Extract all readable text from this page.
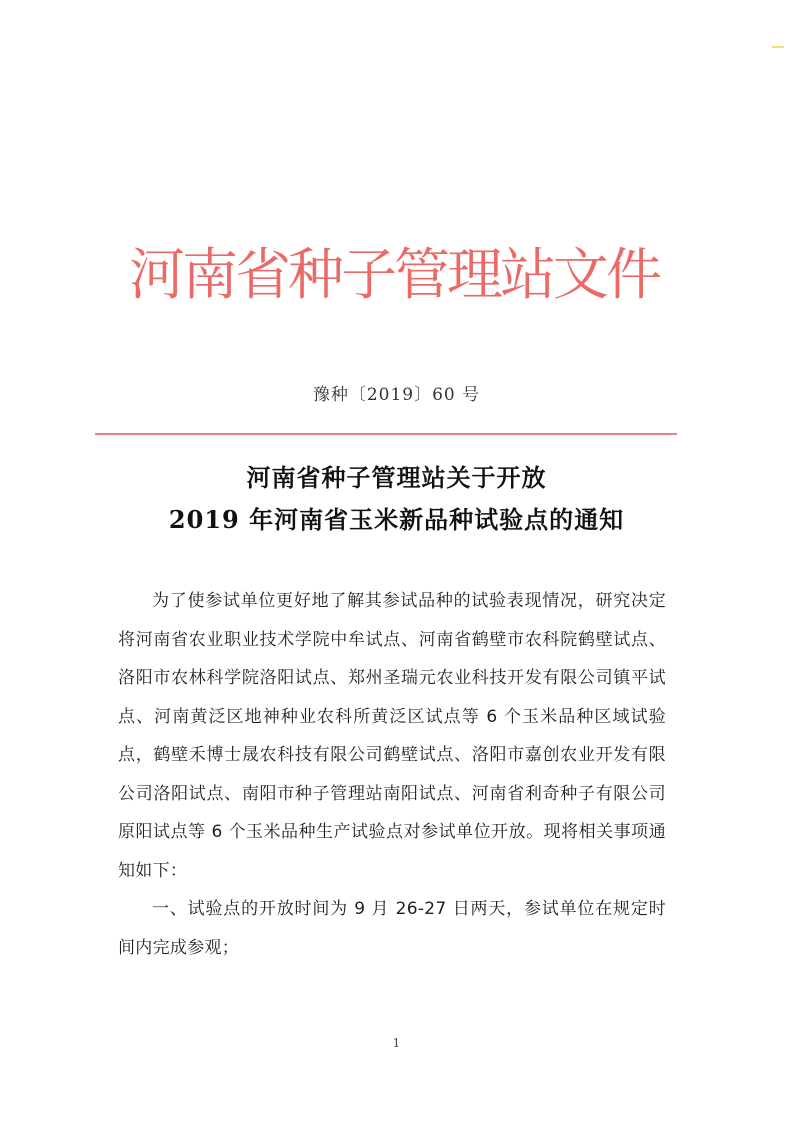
河南省种子管理站文件
豫种〔2019〕60 号
河南省种子管理站关于开放
2019 年河南省玉米新品种试验点的通知

为了使参试单位更好地了解其参试品种的试验表现情况，研究决定将河南省农业职业技术学院中牟试点、河南省鹤壁市农科院鹤壁试点、洛阳市农林科学院洛阳试点、郑州圣瑞元农业科技开发有限公司镇平试点、河南黄泛区地神种业农科所黄泛区试点等 6 个玉米品种区域试验点，鹤壁禾博士晟农科技有限公司鹤壁试点、洛阳市嘉创农业开发有限公司洛阳试点、南阳市种子管理站南阳试点、河南省利奇种子有限公司原阳试点等 6 个玉米品种生产试验点对参试单位开放。现将相关事项通知如下：

一、试验点的开放时间为 9 月 26-27 日两天，参试单位在规定时间内完成参观；

1
